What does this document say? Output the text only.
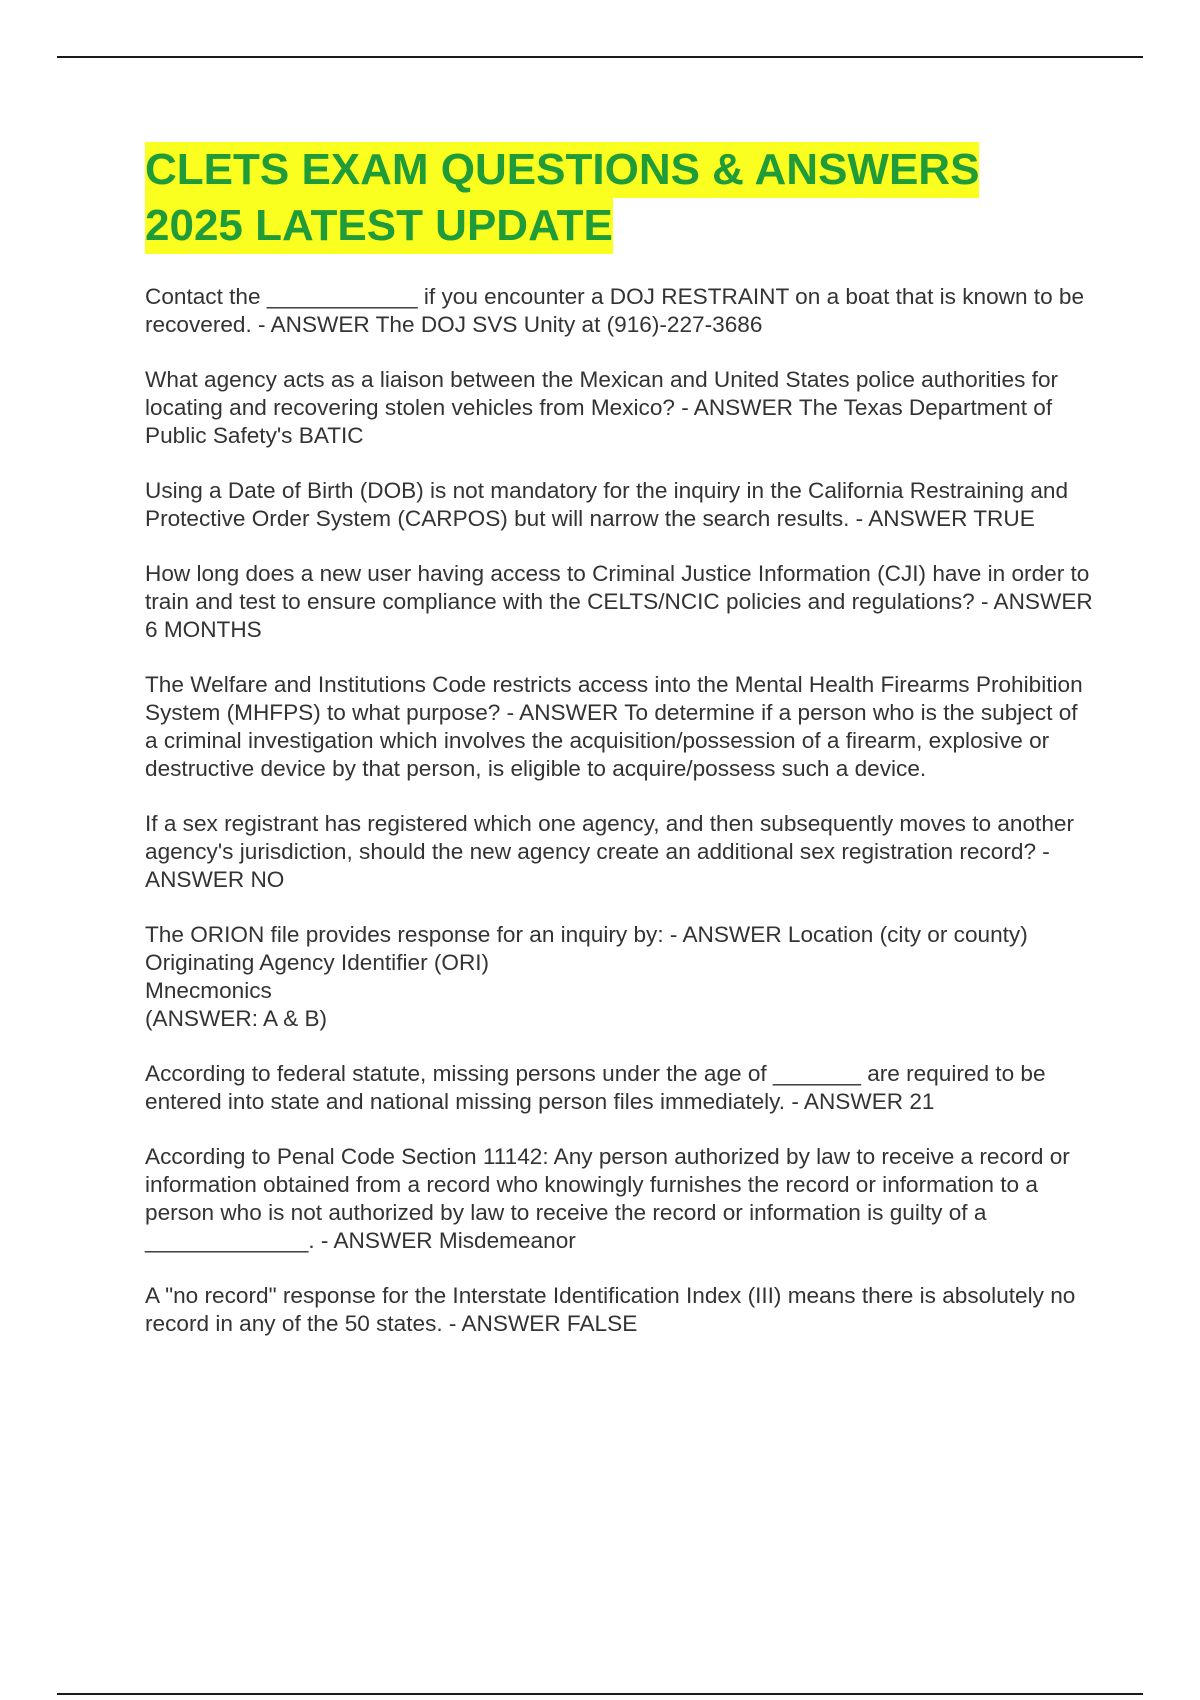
CLETS EXAM QUESTIONS & ANSWERS
2025 LATEST UPDATE

Contact the ____________ if you encounter a DOJ RESTRAINT on a boat that is known to be recovered. - ANSWER The DOJ SVS Unity at (916)-227-3686

What agency acts as a liaison between the Mexican and United States police authorities for locating and recovering stolen vehicles from Mexico? - ANSWER The Texas Department of Public Safety's BATIC

Using a Date of Birth (DOB) is not mandatory for the inquiry in the California Restraining and Protective Order System (CARPOS) but will narrow the search results. - ANSWER TRUE

How long does a new user having access to Criminal Justice Information (CJI) have in order to train and test to ensure compliance with the CELTS/NCIC policies and regulations? - ANSWER 6 MONTHS

The Welfare and Institutions Code restricts access into the Mental Health Firearms Prohibition System (MHFPS) to what purpose? - ANSWER To determine if a person who is the subject of a criminal investigation which involves the acquisition/possession of a firearm, explosive or destructive device by that person, is eligible to acquire/possess such a device.

If a sex registrant has registered which one agency, and then subsequently moves to another agency's jurisdiction, should the new agency create an additional sex registration record? - ANSWER NO

The ORION file provides response for an inquiry by: - ANSWER Location (city or county)
Originating Agency Identifier (ORI)
Mnecmonics
(ANSWER: A & B)

According to federal statute, missing persons under the age of _______ are required to be entered into state and national missing person files immediately. - ANSWER 21

According to Penal Code Section 11142: Any person authorized by law to receive a record or information obtained from a record who knowingly furnishes the record or information to a person who is not authorized by law to receive the record or information is guilty of a _____________. - ANSWER Misdemeanor

A "no record" response for the Interstate Identification Index (III) means there is absolutely no record in any of the 50 states. - ANSWER FALSE
